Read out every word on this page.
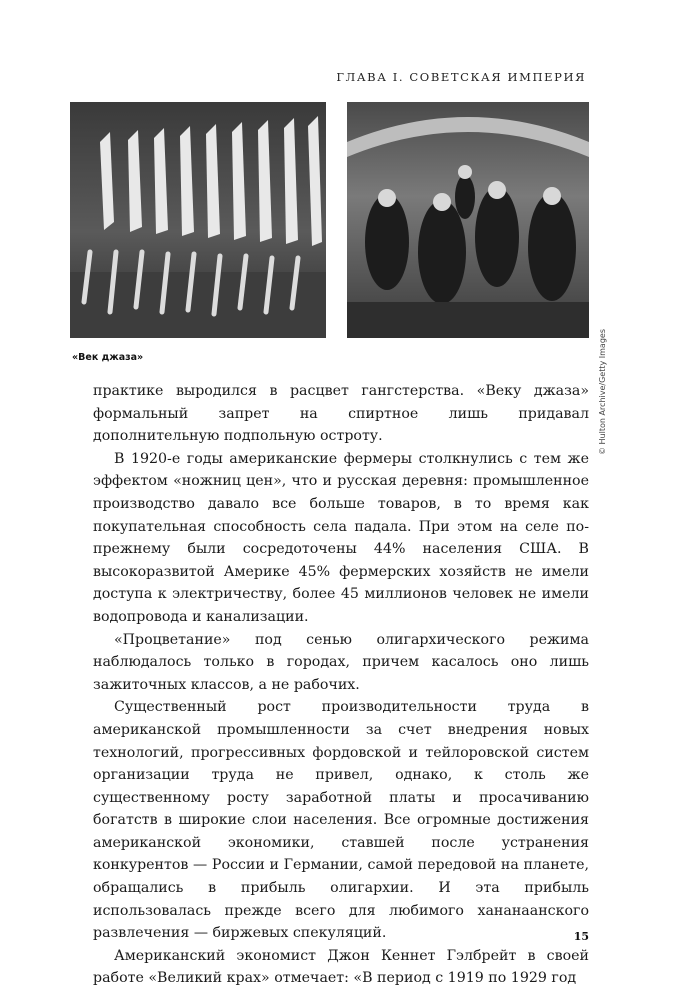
ГЛАВА I. СОВЕТСКАЯ ИМПЕРИЯ
© Hulton Archive/Getty Images
«Век джаза»

практике выродился в расцвет гангстерства. «Веку джаза» формальный запрет на спиртное лишь придавал дополнительную подпольную остроту.

В 1920-е годы американские фермеры столкнулись с тем же эффектом «ножниц цен», что и русская деревня: промышленное производство давало все больше товаров, в то время как покупательная способность села падала. При этом на селе по-прежнему были сосредоточены 44% населения США. В высокоразвитой Америке 45% фермерских хозяйств не имели доступа к электричеству, более 45 миллионов человек не имели водопровода и канализации.

«Процветание» под сенью олигархического режима наблюдалось только в городах, причем касалось оно лишь зажиточных классов, а не рабочих.

Существенный рост производительности труда в американской промышленности за счет внедрения новых технологий, прогрессивных фордовской и тейлоровской систем организации труда не привел, однако, к столь же существенному росту заработной платы и просачиванию богатств в широкие слои населения. Все огромные достижения американской экономики, ставшей после устранения конкурентов — России и Германии, самой передовой на планете, обращались в прибыль олигархии. И эта прибыль использовалась прежде всего для любимого хананаанского развлечения — биржевых спекуляций.

Американский экономист Джон Кеннет Гэлбрейт в своей работе «Великий крах» отмечает: «В период с 1919 по 1929 год

15
